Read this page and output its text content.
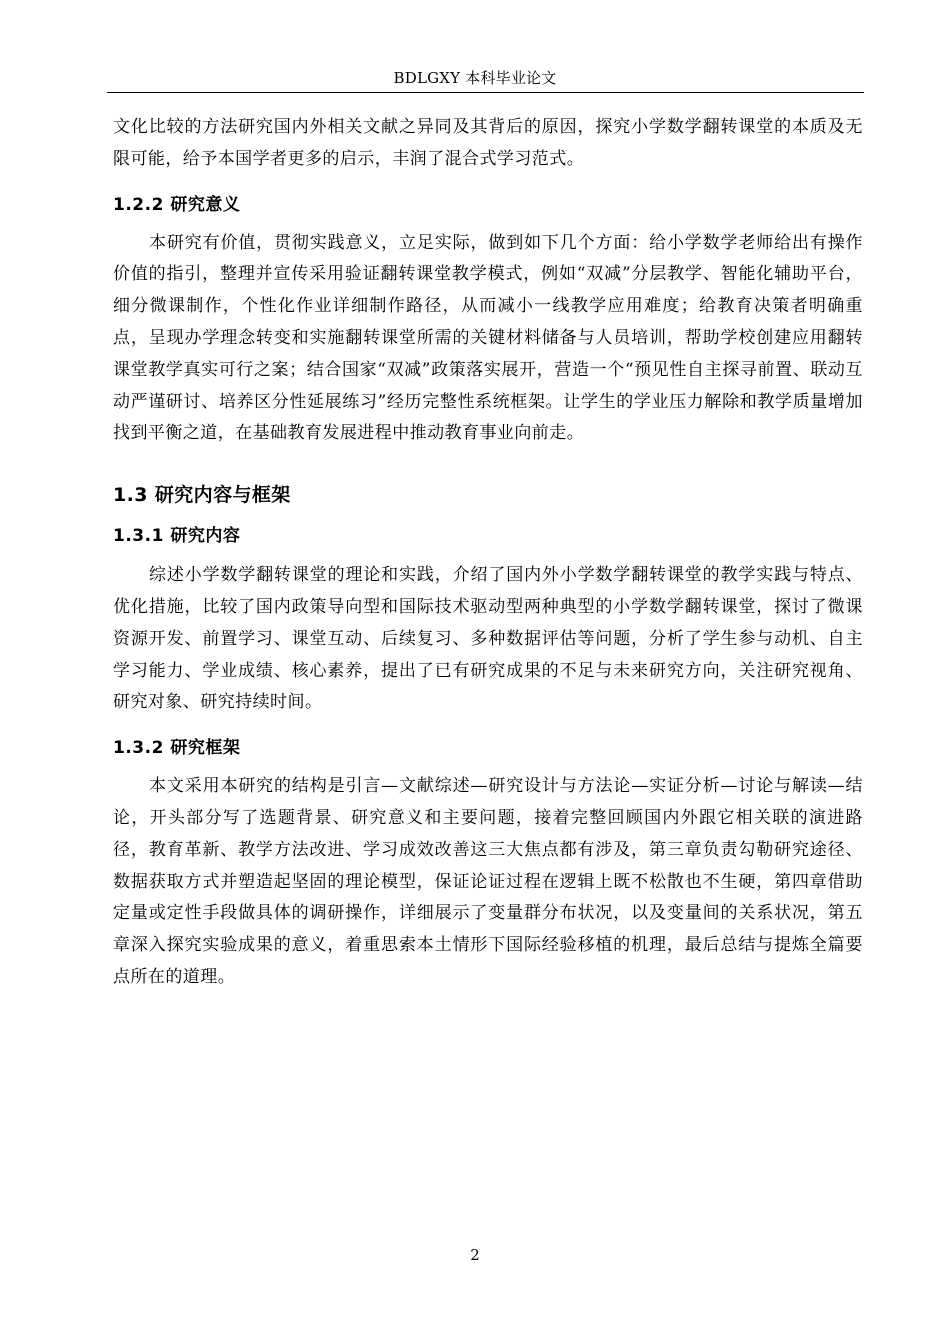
BDLGXY 本科毕业论文

文化比较的方法研究国内外相关文献之异同及其背后的原因，探究小学数学翻转课堂的本质及无限可能，给予本国学者更多的启示，丰润了混合式学习范式。

1.2.2 研究意义

本研究有价值，贯彻实践意义，立足实际，做到如下几个方面：给小学数学老师给出有操作价值的指引，整理并宣传采用验证翻转课堂教学模式，例如“双减”分层教学、智能化辅助平台，细分微课制作，个性化作业详细制作路径，从而减小一线教学应用难度；给教育决策者明确重点，呈现办学理念转变和实施翻转课堂所需的关键材料储备与人员培训，帮助学校创建应用翻转课堂教学真实可行之案；结合国家“双减”政策落实展开，营造一个“预见性自主探寻前置、联动互动严谨研讨、培养区分性延展练习”经历完整性系统框架。让学生的学业压力解除和教学质量增加找到平衡之道，在基础教育发展进程中推动教育事业向前走。

1.3 研究内容与框架
1.3.1 研究内容

综述小学数学翻转课堂的理论和实践，介绍了国内外小学数学翻转课堂的教学实践与特点、优化措施，比较了国内政策导向型和国际技术驱动型两种典型的小学数学翻转课堂，探讨了微课资源开发、前置学习、课堂互动、后续复习、多种数据评估等问题，分析了学生参与动机、自主学习能力、学业成绩、核心素养，提出了已有研究成果的不足与未来研究方向，关注研究视角、研究对象、研究持续时间。

1.3.2 研究框架

本文采用本研究的结构是引言—文献综述—研究设计与方法论—实证分析—讨论与解读—结论，开头部分写了选题背景、研究意义和主要问题，接着完整回顾国内外跟它相关联的演进路径，教育革新、教学方法改进、学习成效改善这三大焦点都有涉及，第三章负责勾勒研究途径、数据获取方式并塑造起坚固的理论模型，保证论证过程在逻辑上既不松散也不生硬，第四章借助定量或定性手段做具体的调研操作，详细展示了变量群分布状况，以及变量间的关系状况，第五章深入探究实验成果的意义，着重思索本土情形下国际经验移植的机理，最后总结与提炼全篇要点所在的道理。

2
